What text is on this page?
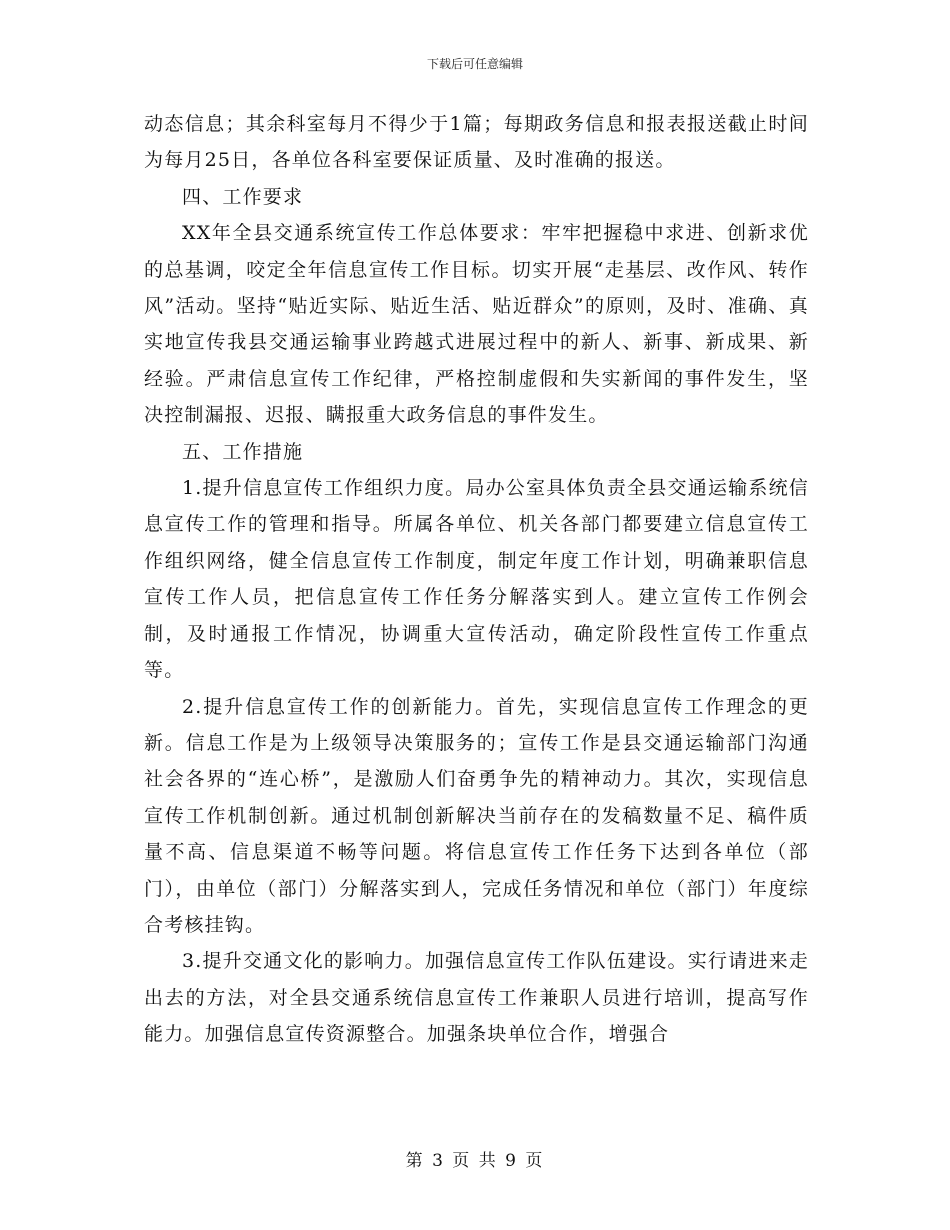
下载后可任意编辑

动态信息；其余科室每月不得少于1篇；每期政务信息和报表报送截止时间为每月25日，各单位各科室要保证质量、及时准确的报送。

四、工作要求

XX年全县交通系统宣传工作总体要求：牢牢把握稳中求进、创新求优的总基调，咬定全年信息宣传工作目标。切实开展“走基层、改作风、转作风”活动。坚持“贴近实际、贴近生活、贴近群众”的原则，及时、准确、真实地宣传我县交通运输事业跨越式进展过程中的新人、新事、新成果、新经验。严肃信息宣传工作纪律，严格控制虚假和失实新闻的事件发生，坚决控制漏报、迟报、瞒报重大政务信息的事件发生。

五、工作措施

1.提升信息宣传工作组织力度。局办公室具体负责全县交通运输系统信息宣传工作的管理和指导。所属各单位、机关各部门都要建立信息宣传工作组织网络，健全信息宣传工作制度，制定年度工作计划，明确兼职信息宣传工作人员，把信息宣传工作任务分解落实到人。建立宣传工作例会制，及时通报工作情况，协调重大宣传活动，确定阶段性宣传工作重点等。

2.提升信息宣传工作的创新能力。首先，实现信息宣传工作理念的更新。信息工作是为上级领导决策服务的；宣传工作是县交通运输部门沟通社会各界的“连心桥”，是激励人们奋勇争先的精神动力。其次，实现信息宣传工作机制创新。通过机制创新解决当前存在的发稿数量不足、稿件质量不高、信息渠道不畅等问题。将信息宣传工作任务下达到各单位（部门），由单位（部门）分解落实到人，完成任务情况和单位（部门）年度综合考核挂钩。

3.提升交通文化的影响力。加强信息宣传工作队伍建设。实行请进来走出去的方法，对全县交通系统信息宣传工作兼职人员进行培训，提高写作能力。加强信息宣传资源整合。加强条块单位合作，增强合

第 3 页 共 9 页
